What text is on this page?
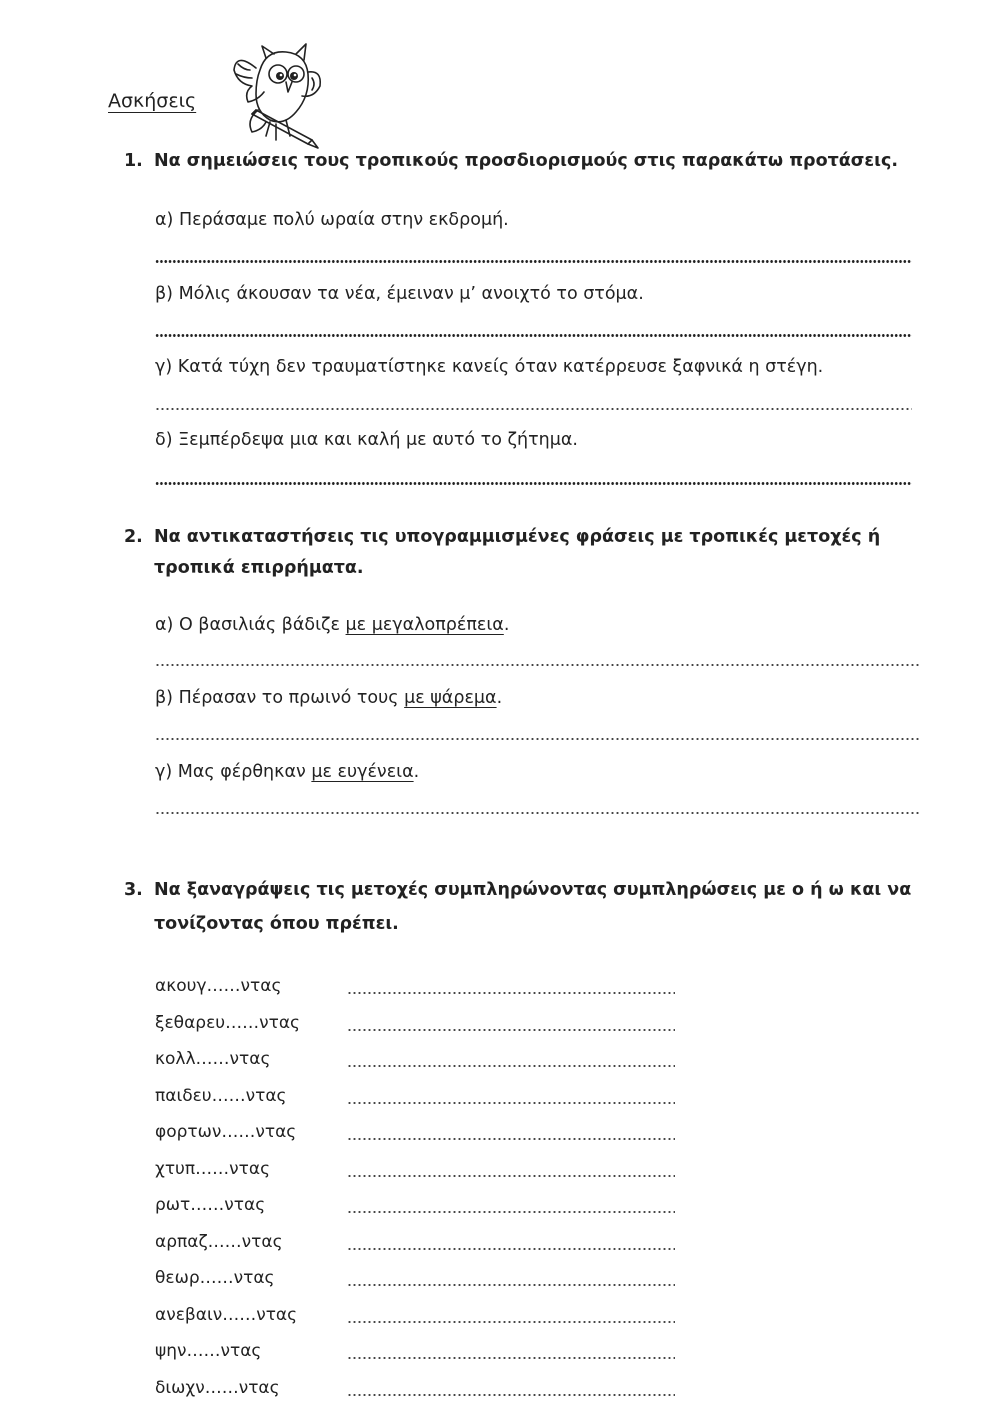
Ασκήσεις
1. Να σημειώσεις τους τροπικούς προσδιορισμούς στις παρακάτω προτάσεις.
α) Περάσαμε πολύ ωραία στην εκδρομή.
β) Μόλις άκουσαν τα νέα, έμειναν μ’ ανοιχτό το στόμα.
γ) Κατά τύχη δεν τραυματίστηκε κανείς όταν κατέρρευσε ξαφνικά η στέγη.
δ) Ξεμπέρδεψα μια και καλή με αυτό το ζήτημα.
2. Να αντικαταστήσεις τις υπογραμμισμένες φράσεις με τροπικές μετοχές ή τροπικά επιρρήματα.
α) Ο βασιλιάς βάδιζε με μεγαλοπρέπεια.
β) Πέρασαν το πρωινό τους με ψάρεμα.
γ) Μας φέρθηκαν με ευγένεια.
3. Να ξαναγράψεις τις μετοχές συμπληρώνοντας συμπληρώσεις με ο ή ω και να τονίζοντας όπου πρέπει.
ακουγ……ντας
ξεθαρευ……ντας
κολλ……ντας
παιδευ……ντας
φορτων……ντας
χτυπ……ντας
ρωτ……ντας
αρπαζ……ντας
θεωρ……ντας
ανεβαιν……ντας
ψην……ντας
διωχν……ντας
